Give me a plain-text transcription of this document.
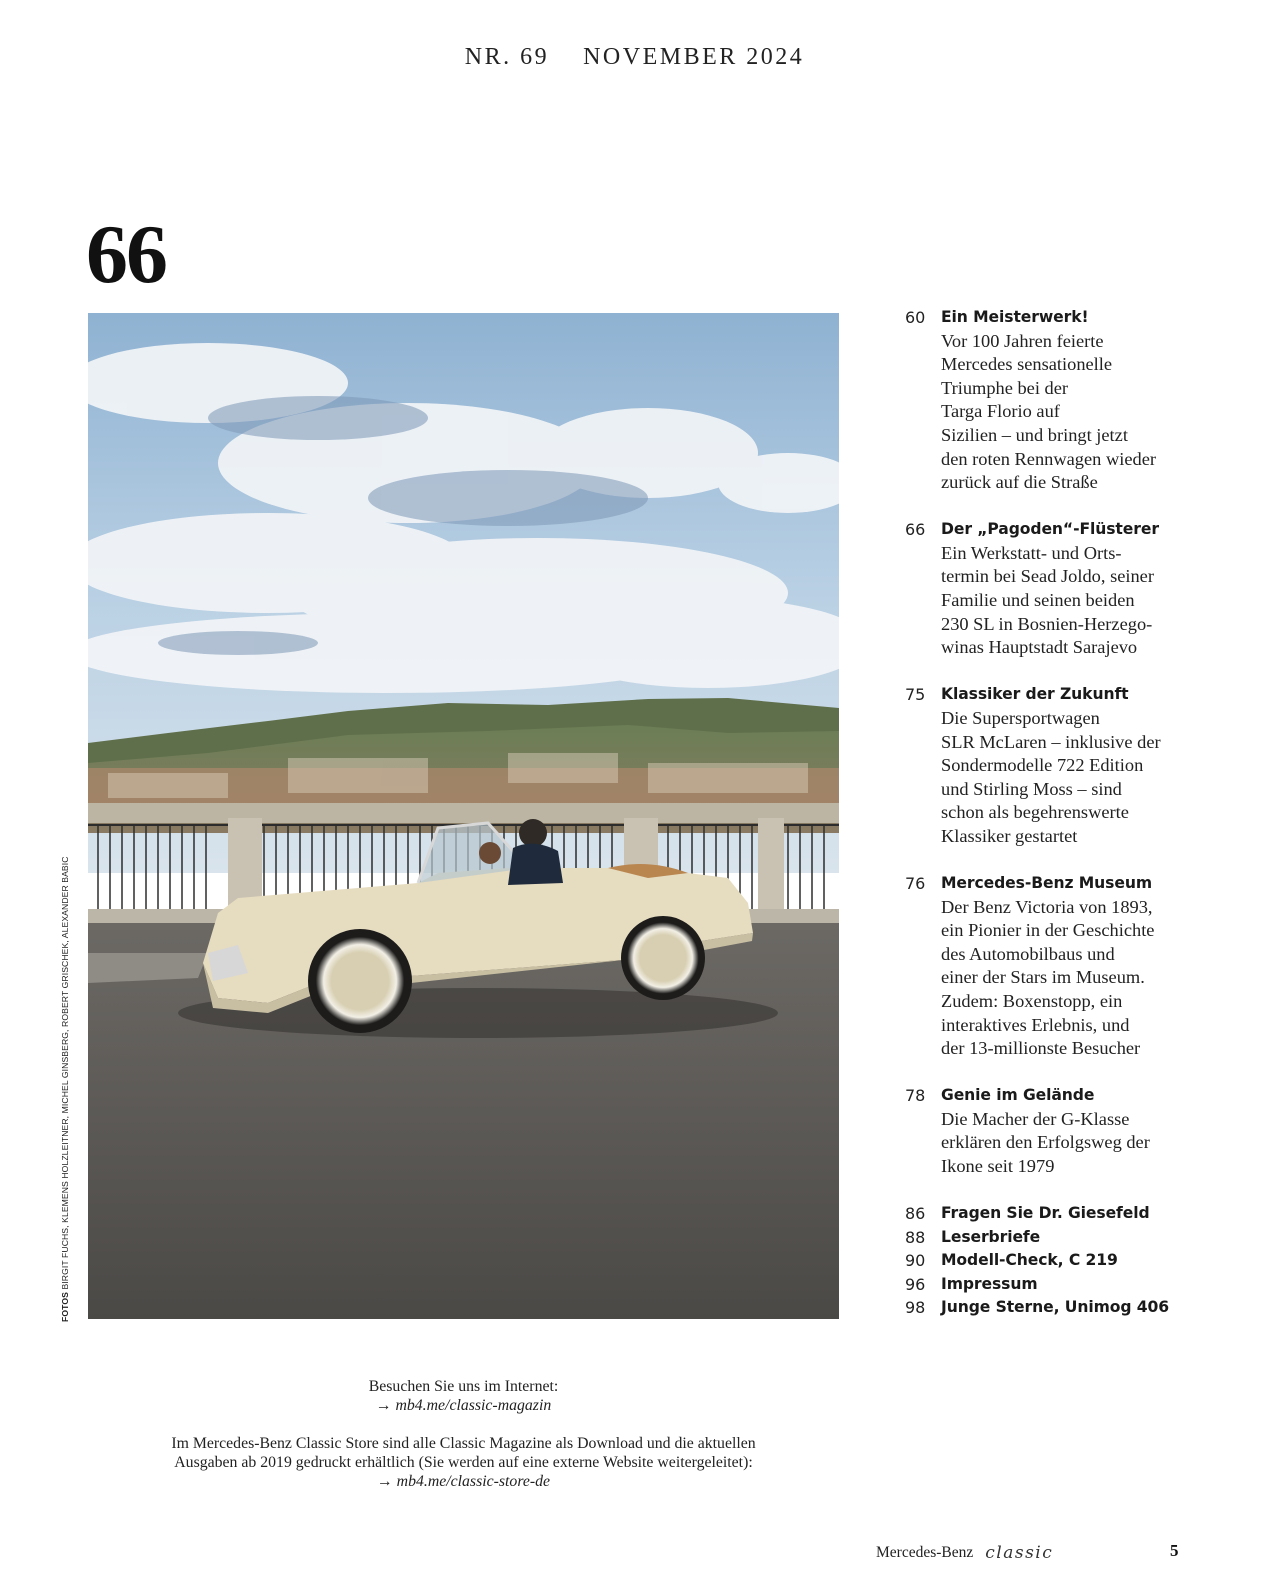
NR. 69 NOVEMBER 2024
66
FOTOS BIRGIT FUCHS, KLEMENS HOLZLEITNER, MICHEL GINSBERG, ROBERT GRISCHEK, ALEXANDER BABIC
60	Ein Meisterwerk!
Vor 100 Jahren feierte
Mercedes sensationelle
Triumphe bei der
Targa Florio auf
Sizilien – und bringt jetzt
den roten Rennwagen wieder
zurück auf die Straße
66	Der „Pagoden“-Flüsterer
Ein Werkstatt- und Orts-
termin bei Sead Joldo, seiner
Familie und seinen beiden
230 SL in Bosnien-Herzego-
winas Hauptstadt Sarajevo
75	Klassiker der Zukunft
Die Supersportwagen
SLR McLaren – inklusive der
Sondermodelle 722 Edition
und Stirling Moss – sind
schon als begehrenswerte
Klassiker gestartet
76	Mercedes-Benz Museum
Der Benz Victoria von 1893,
ein Pionier in der Geschichte
des Automobilbaus und
einer der Stars im Museum.
Zudem: Boxenstopp, ein
interaktives Erlebnis, und
der 13-millionste Besucher
78	Genie im Gelände
Die Macher der G-Klasse
erklären den Erfolgsweg der
Ikone seit 1979
86	Fragen Sie Dr. Giesefeld
88	Leserbriefe
90	Modell-Check, C 219
96	Impressum
98	Junge Sterne, Unimog 406
Besuchen Sie uns im Internet:
→ mb4.me/classic-magazin
Im Mercedes-Benz Classic Store sind alle Classic Magazine als Download und die aktuellen
Ausgaben ab 2019 gedruckt erhältlich (Sie werden auf eine externe Website weitergeleitet):
→ mb4.me/classic-store-de
Mercedes-Benz classic	5
